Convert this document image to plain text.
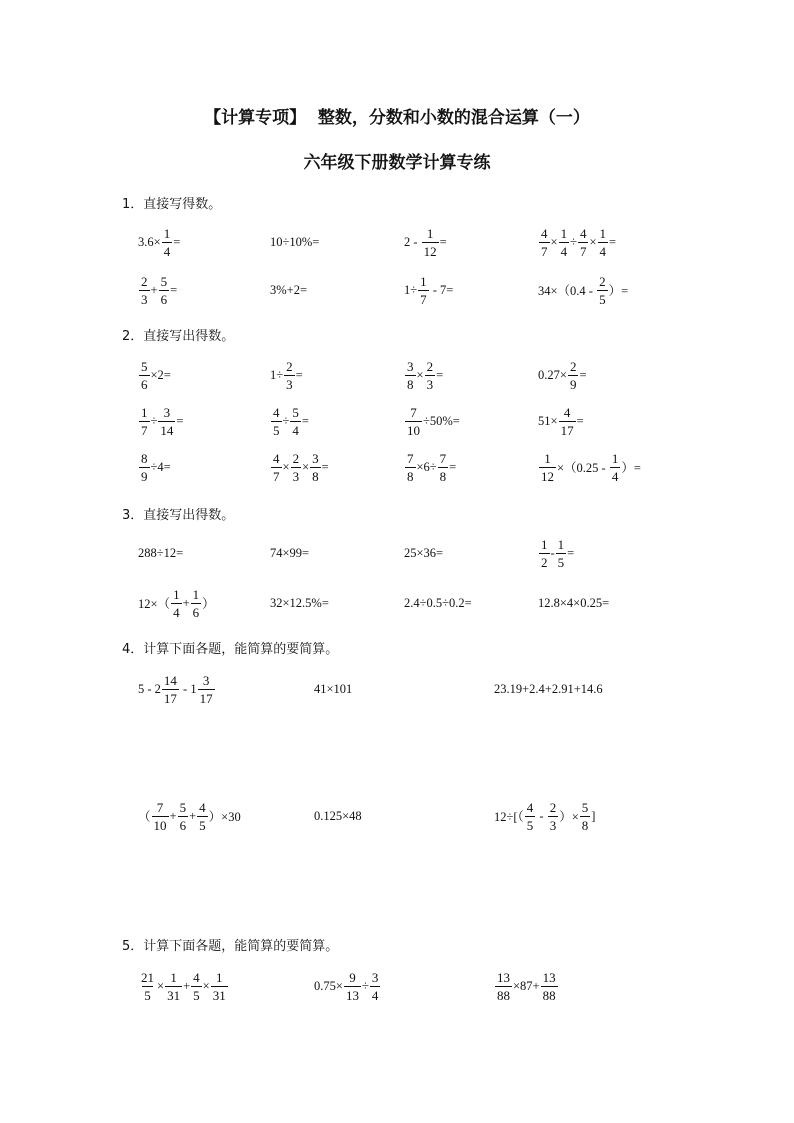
【计算专项】  整数，分数和小数的混合运算（一）
六年级下册数学计算专练
1．直接写得数。
$3.6\times \frac{1}{4}$ =	10÷10%=	$2 - \frac{1}{12}$ =	$\frac{4}{7} \times \frac{1}{4} \div \frac{4}{7} \times \frac{1}{4}$ =
$\frac{2}{3} + \frac{5}{6}$ =	3%+2=	$1\div \frac{1}{7} - 7=$	$34\times(0.4 - \frac{2}{5}$ ）=
2．直接写出得数。
$\frac{5}{6} \times 2=$	$1\div \frac{2}{3}$ =	$\frac{3}{8} \times \frac{2}{3}$ =	$0.27\times \frac{2}{9}$ =
$\frac{1}{7} \div \frac{3}{14}$ =	$\frac{4}{5} \div \frac{5}{4}$ =	$\frac{7}{10} \div 50\%=$	$51\times \frac{4}{17}$ =
$\frac{8}{9} \div 4=$	$\frac{4}{7} \times \frac{2}{3} \times \frac{3}{8}$ =	$\frac{7}{8} \times 6\div \frac{7}{8}$ =	$\frac{1}{12} \times(0.25 - \frac{1}{4}$ ）=
3．直接写出得数。
288÷12=	74×99=	25×36=	$\frac{1}{2} - \frac{1}{5}$ =
$12\times( \frac{1}{4} + \frac{1}{6}$ ）	32×12.5%=	2.4÷0.5÷0.2=	12.8×4×0.25=
4．计算下面各题，能简算的要简算。
$5 - 2 \frac{14}{17} - 1 \frac{3}{17}$	41×101	23.19+2.4+2.91+14.6
（ $\frac{7}{10} + \frac{5}{6} + \frac{4}{5} )\times 30$	0.125×48	$12\div[( \frac{4}{5} - \frac{2}{3}$ ）× $\frac{5}{8}$ ]
5．计算下面各题，能简算的要简算。
$\frac{21}{5} \times \frac{1}{31} + \frac{4}{5} \times \frac{1}{31}$	$0.75\times \frac{9}{13} \div \frac{3}{4}$	$\frac{13}{88} \times 87+ \frac{13}{88}$
